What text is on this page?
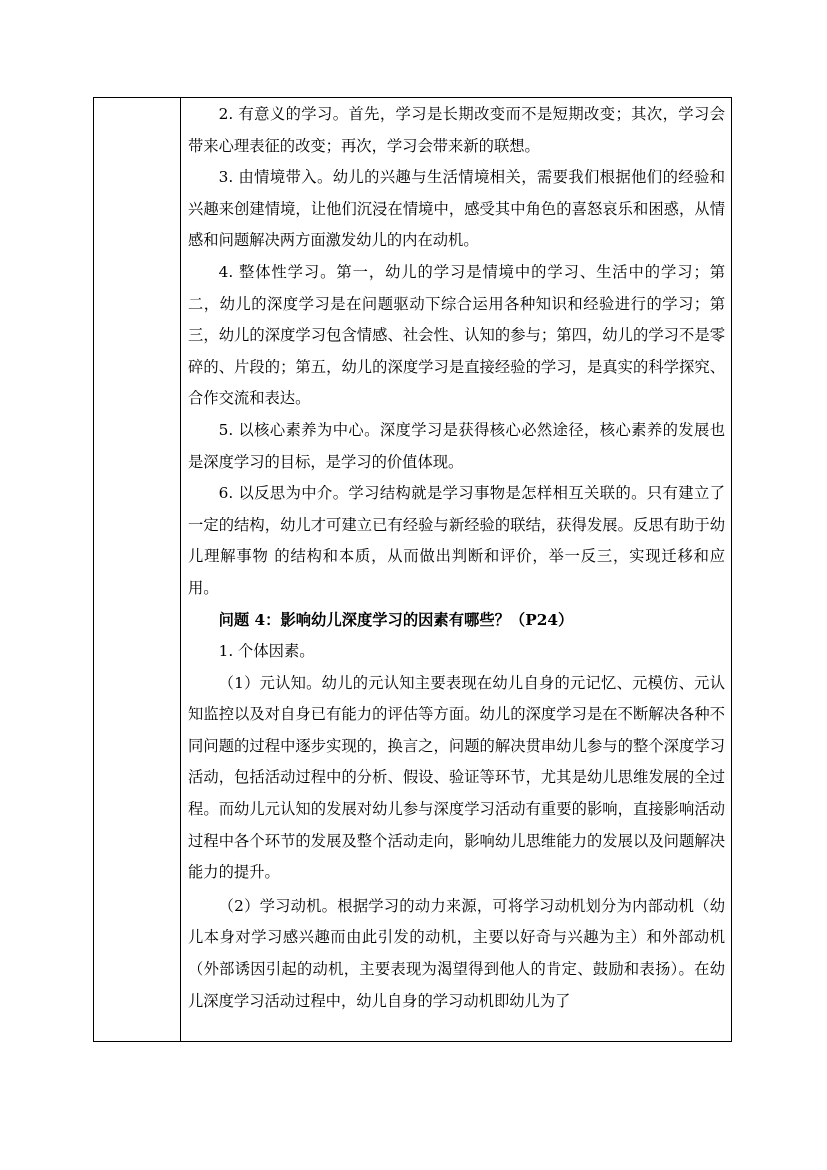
2. 有意义的学习。首先，学习是长期改变而不是短期改变；其次，学习会带来心理表征的改变；再次，学习会带来新的联想。

3. 由情境带入。幼儿的兴趣与生活情境相关，需要我们根据他们的经验和兴趣来创建情境，让他们沉浸在情境中，感受其中角色的喜怒哀乐和困惑，从情感和问题解决两方面激发幼儿的内在动机。

4. 整体性学习。第一，幼儿的学习是情境中的学习、生活中的学习；第二，幼儿的深度学习是在问题驱动下综合运用各种知识和经验进行的学习；第三，幼儿的深度学习包含情感、社会性、认知的参与；第四，幼儿的学习不是零碎的、片段的；第五，幼儿的深度学习是直接经验的学习，是真实的科学探究、合作交流和表达。

5. 以核心素养为中心。深度学习是获得核心必然途径，核心素养的发展也是深度学习的目标，是学习的价值体现。

6. 以反思为中介。学习结构就是学习事物是怎样相互关联的。只有建立了一定的结构，幼儿才可建立已有经验与新经验的联结，获得发展。反思有助于幼儿理解事物 的结构和本质，从而做出判断和评价，举一反三，实现迁移和应用。

问题 4：影响幼儿深度学习的因素有哪些？（P24）

1. 个体因素。

（1）元认知。幼儿的元认知主要表现在幼儿自身的元记忆、元模仿、元认知监控以及对自身已有能力的评估等方面。幼儿的深度学习是在不断解决各种不同问题的过程中逐步实现的，换言之，问题的解决贯串幼儿参与的整个深度学习活动，包括活动过程中的分析、假设、验证等环节，尤其是幼儿思维发展的全过程。而幼儿元认知的发展对幼儿参与深度学习活动有重要的影响，直接影响活动过程中各个环节的发展及整个活动走向，影响幼儿思维能力的发展以及问题解决能力的提升。

（2）学习动机。根据学习的动力来源，可将学习动机划分为内部动机（幼儿本身对学习感兴趣而由此引发的动机，主要以好奇与兴趣为主）和外部动机（外部诱因引起的动机，主要表现为渴望得到他人的肯定、鼓励和表扬）。在幼儿深度学习活动过程中，幼儿自身的学习动机即幼儿为了
